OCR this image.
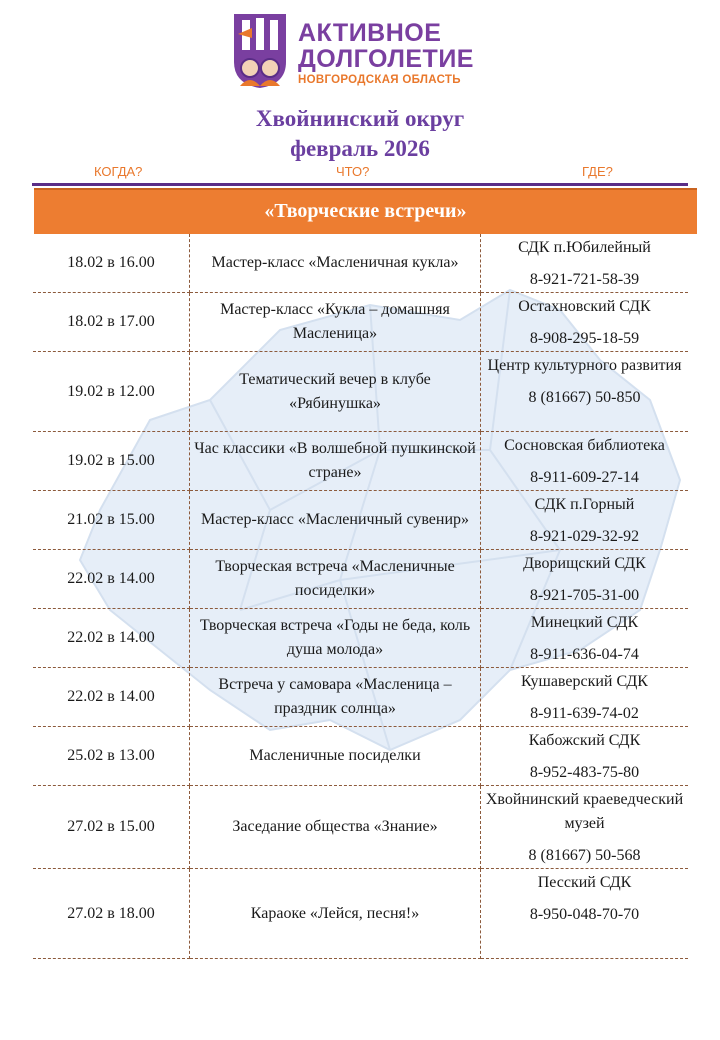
АКТИВНОЕ
ДОЛГОЛЕТИЕ
НОВГОРОДСКАЯ ОБЛАСТЬ
Хвойнинский округ
февраль 2026
КОГДА?	ЧТО?	ГДЕ?
«Творческие встречи»
18.02 в 16.00	Мастер-класс «Масленичная кукла»	СДК п.Юбилейный
8-921-721-58-39

18.02 в 17.00	Мастер-класс «Кукла – домашняя Масленица»	Остахновский СДК
8-908-295-18-59

19.02 в 12.00	Тематический вечер в клубе «Рябинушка»	Центр культурного развития
8 (81667) 50-850

19.02 в 15.00	Час классики «В волшебной пушкинской стране»	Сосновская библиотека
8-911-609-27-14

21.02 в 15.00	Мастер-класс «Масленичный сувенир»	СДК п.Горный
8-921-029-32-92

22.02 в 14.00	Творческая встреча «Масленичные посиделки»	Дворищский СДК
8-921-705-31-00

22.02 в 14.00	Творческая встреча «Годы не беда, коль душа молода»	Минецкий СДК
8-911-636-04-74

22.02 в 14.00	Встреча у самовара «Масленица – праздник солнца»	Кушаверский СДК
8-911-639-74-02

25.02 в 13.00	Масленичные посиделки	Кабожский СДК
8-952-483-75-80

27.02 в 15.00	Заседание общества «Знание»	Хвойнинский краеведческий музей
8 (81667) 50-568

27.02 в 18.00	Караоке «Лейся, песня!»	Песский СДК
8-950-048-70-70
